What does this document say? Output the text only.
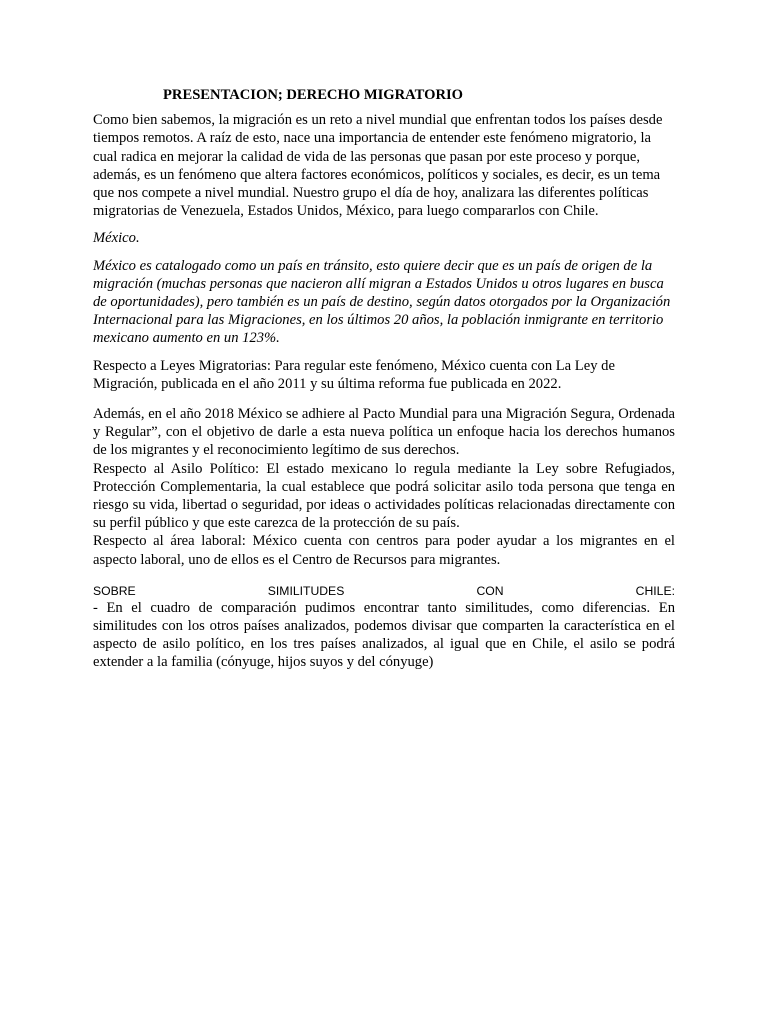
PRESENTACION; DERECHO MIGRATORIO

Como bien sabemos, la migración es un reto a nivel mundial que enfrentan todos los países desde tiempos remotos. A raíz de esto, nace una importancia de entender este fenómeno migratorio, la cual radica en mejorar la calidad de vida de las personas que pasan por este proceso y porque, además, es un fenómeno que altera factores económicos, políticos y sociales, es decir, es un tema que nos compete a nivel mundial. Nuestro grupo el día de hoy, analizara las diferentes políticas migratorias de Venezuela, Estados Unidos, México, para luego compararlos con Chile.

México.

México es catalogado como un país en tránsito, esto quiere decir que es un país de origen de la migración (muchas personas que nacieron allí migran a Estados Unidos u otros lugares en busca de oportunidades), pero también es un país de destino, según datos otorgados por la Organización Internacional para las Migraciones, en los últimos 20 años, la población inmigrante en territorio mexicano aumento en un 123%.

Respecto a Leyes Migratorias: Para regular este fenómeno, México cuenta con La Ley de Migración, publicada en el año 2011 y su última reforma fue publicada en 2022.

Además, en el año 2018 México se adhiere al Pacto Mundial para una Migración Segura, Ordenada y Regular”, con el objetivo de darle a esta nueva política un enfoque hacia los derechos humanos de los migrantes y el reconocimiento legítimo de sus derechos.

Respecto al Asilo Político: El estado mexicano lo regula mediante la Ley sobre Refugiados, Protección Complementaria, la cual establece que podrá solicitar asilo toda persona que tenga en riesgo su vida, libertad o seguridad, por ideas o actividades políticas relacionadas directamente con su perfil público y que este carezca de la protección de su país.

Respecto al área laboral: México cuenta con centros para poder ayudar a los migrantes en el aspecto laboral, uno de ellos es el Centro de Recursos para migrantes.

SOBRE	SIMILITUDES	CON	CHILE:

- En el cuadro de comparación pudimos encontrar tanto similitudes, como diferencias. En similitudes con los otros países analizados, podemos divisar que comparten la característica en el aspecto de asilo político, en los tres países analizados, al igual que en Chile, el asilo se podrá extender a la familia (cónyuge, hijos suyos y del cónyuge)
